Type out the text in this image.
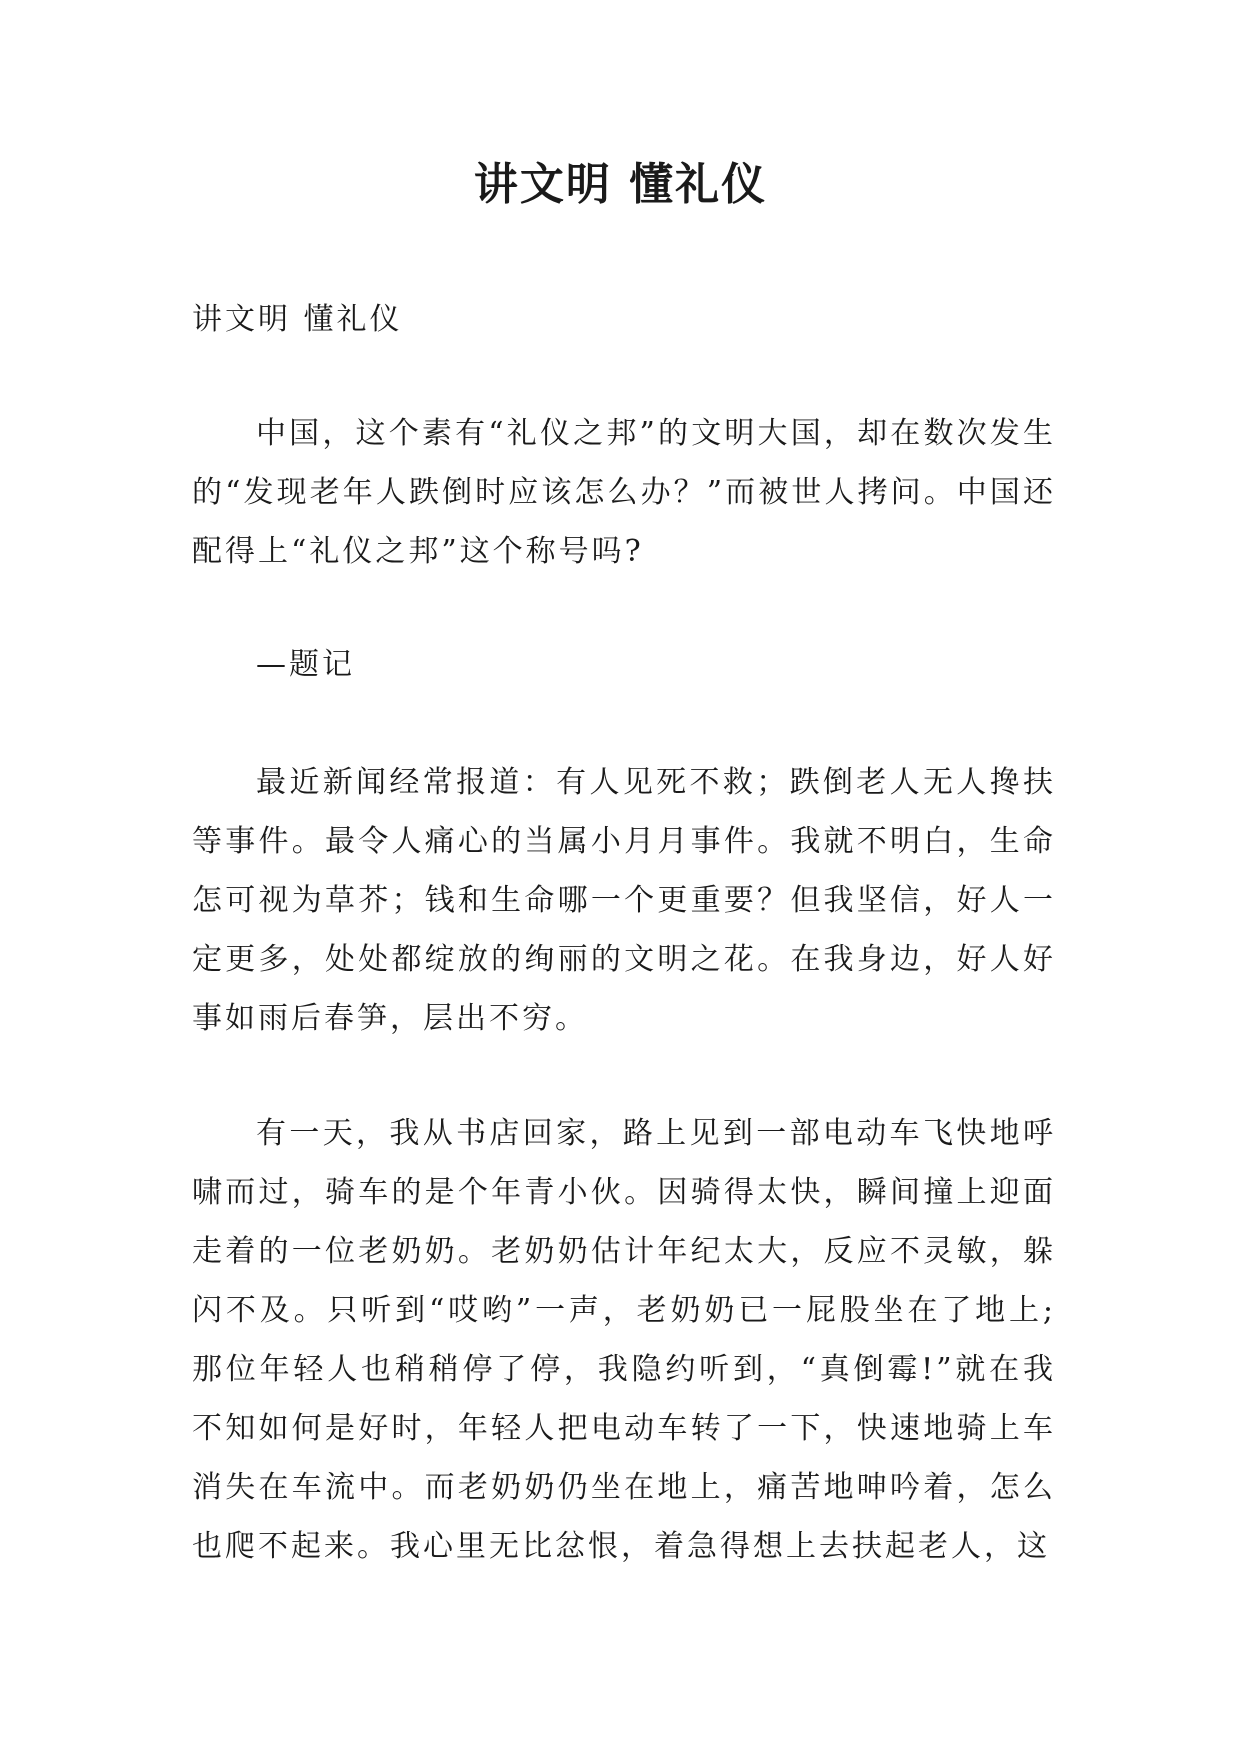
讲文明 懂礼仪

讲文明 懂礼仪

中国，这个素有“礼仪之邦”的文明大国，却在数次发生的“发现老年人跌倒时应该怎么办？”而被世人拷问。中国还配得上“礼仪之邦”这个称号吗?

—题记

最近新闻经常报道：有人见死不救；跌倒老人无人搀扶等事件。最令人痛心的当属小月月事件。我就不明白，生命怎可视为草芥；钱和生命哪一个更重要？但我坚信，好人一定更多，处处都绽放的绚丽的文明之花。在我身边，好人好事如雨后春笋，层出不穷。

有一天，我从书店回家，路上见到一部电动车飞快地呼啸而过，骑车的是个年青小伙。因骑得太快，瞬间撞上迎面走着的一位老奶奶。老奶奶估计年纪太大，反应不灵敏，躲闪不及。只听到“哎哟”一声，老奶奶已一屁股坐在了地上;那位年轻人也稍稍停了停，我隐约听到，“真倒霉!”就在我不知如何是好时，年轻人把电动车转了一下，快速地骑上车消失在车流中。而老奶奶仍坐在地上，痛苦地呻吟着，怎么也爬不起来。我心里无比忿恨，着急得想上去扶起老人，这
